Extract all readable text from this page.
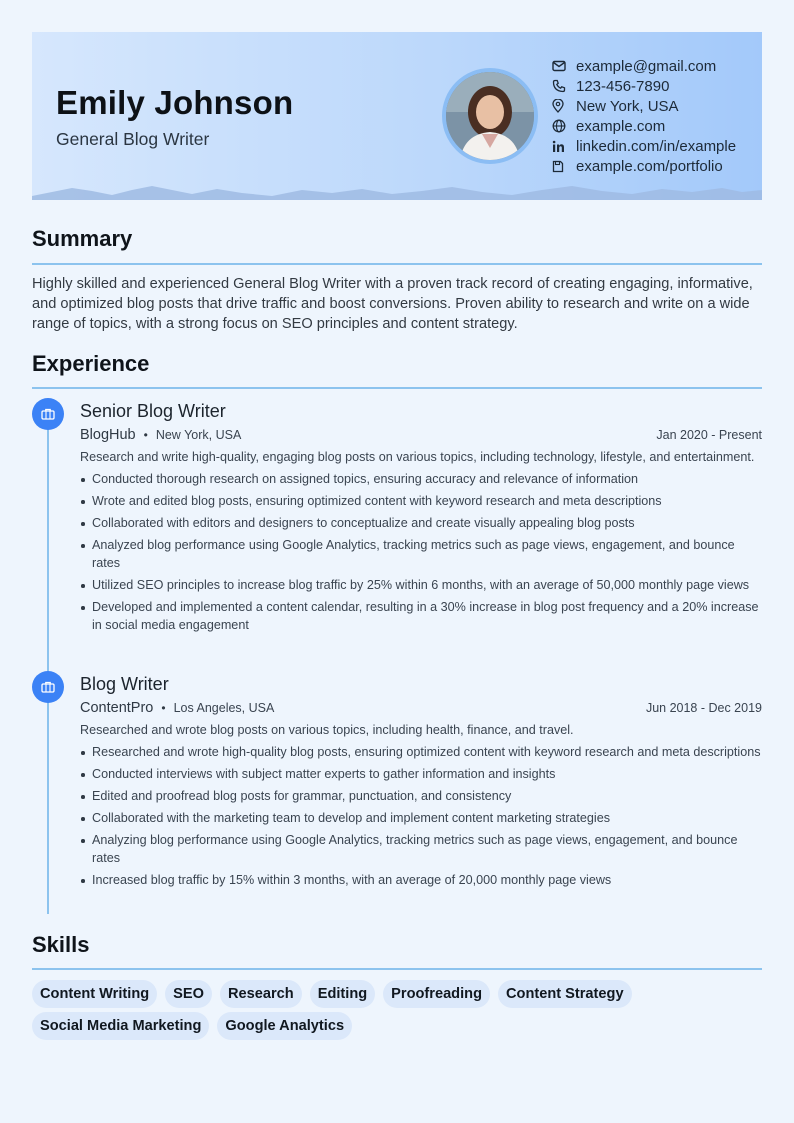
Emily Johnson
General Blog Writer
example@gmail.com
123-456-7890
New York, USA
example.com
linkedin.com/in/example
example.com/portfolio
Summary
Highly skilled and experienced General Blog Writer with a proven track record of creating engaging, informative, and optimized blog posts that drive traffic and boost conversions. Proven ability to research and write on a wide range of topics, with a strong focus on SEO principles and content strategy.
Experience
Senior Blog Writer
BlogHub • New York, USA	Jan 2020 - Present
Research and write high-quality, engaging blog posts on various topics, including technology, lifestyle, and entertainment.
Conducted thorough research on assigned topics, ensuring accuracy and relevance of information
Wrote and edited blog posts, ensuring optimized content with keyword research and meta descriptions
Collaborated with editors and designers to conceptualize and create visually appealing blog posts
Analyzed blog performance using Google Analytics, tracking metrics such as page views, engagement, and bounce rates
Utilized SEO principles to increase blog traffic by 25% within 6 months, with an average of 50,000 monthly page views
Developed and implemented a content calendar, resulting in a 30% increase in blog post frequency and a 20% increase in social media engagement
Blog Writer
ContentPro • Los Angeles, USA	Jun 2018 - Dec 2019
Researched and wrote blog posts on various topics, including health, finance, and travel.
Researched and wrote high-quality blog posts, ensuring optimized content with keyword research and meta descriptions
Conducted interviews with subject matter experts to gather information and insights
Edited and proofread blog posts for grammar, punctuation, and consistency
Collaborated with the marketing team to develop and implement content marketing strategies
Analyzing blog performance using Google Analytics, tracking metrics such as page views, engagement, and bounce rates
Increased blog traffic by 15% within 3 months, with an average of 20,000 monthly page views
Skills
Content Writing	SEO	Research	Editing	Proofreading	Content Strategy
Social Media Marketing	Google Analytics
